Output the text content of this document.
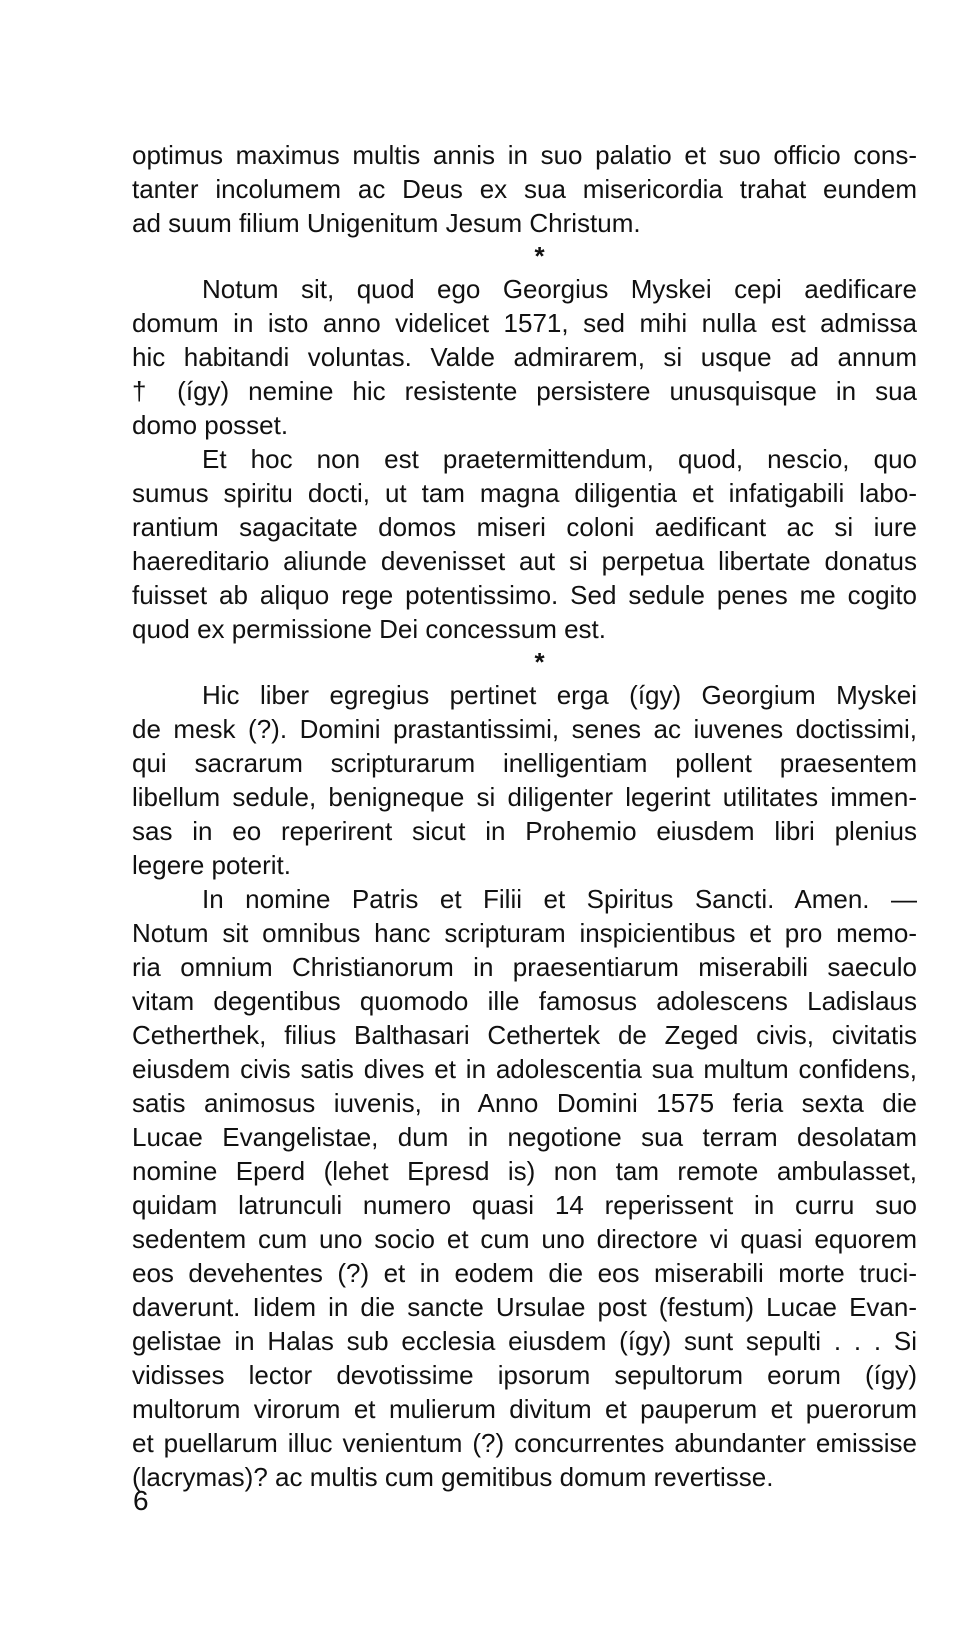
optimus maximus multis annis in suo palatio et suo officio cons-
tanter incolumem ac Deus ex sua misericordia trahat eundem
ad suum filium Unigenitum Jesum Christum.
*
Notum sit, quod ego Georgius Myskei cepi aedificare
domum in isto anno videlicet 1571, sed mihi nulla est admissa
hic habitandi voluntas. Valde admirarem, si usque ad annum
† (így) nemine hic resistente persistere unusquisque in sua
domo posset.
Et hoc non est praetermittendum, quod, nescio, quo
sumus spiritu docti, ut tam magna diligentia et infatigabili labo-
rantium sagacitate domos miseri coloni aedificant ac si iure
haereditario aliunde devenisset aut si perpetua libertate donatus
fuisset ab aliquo rege potentissimo. Sed sedule penes me cogito
quod ex permissione Dei concessum est.
*
Hic liber egregius pertinet erga (így) Georgium Myskei
de mesk (?). Domini prastantissimi, senes ac iuvenes doctissimi,
qui sacrarum scripturarum inelligentiam pollent praesentem
libellum sedule, benigneque si diligenter legerint utilitates immen-
sas in eo reperirent sicut in Prohemio eiusdem libri plenius
legere poterit.
In nomine Patris et Filii et Spiritus Sancti. Amen. —
Notum sit omnibus hanc scripturam inspicientibus et pro memo-
ria omnium Christianorum in praesentiarum miserabili saeculo
vitam degentibus quomodo ille famosus adolescens Ladislaus
Cetherthek, filius Balthasari Cethertek de Zeged civis, civitatis
eiusdem civis satis dives et in adolescentia sua multum confidens,
satis animosus iuvenis, in Anno Domini 1575 feria sexta die
Lucae Evangelistae, dum in negotione sua terram desolatam
nomine Eperd (lehet Epresd is) non tam remote ambulasset,
quidam latrunculi numero quasi 14 reperissent in curru suo
sedentem cum uno socio et cum uno directore vi quasi equorem
eos devehentes (?) et in eodem die eos miserabili morte truci-
daverunt. Iidem in die sancte Ursulae post (festum) Lucae Evan-
gelistae in Halas sub ecclesia eiusdem (így) sunt sepulti . . . Si
vidisses lector devotissime ipsorum sepultorum eorum (így)
multorum virorum et mulierum divitum et pauperum et puerorum
et puellarum illuc venientum (?) concurrentes abundanter emissise
(lacrymas)? ac multis cum gemitibus domum revertisse.
6
